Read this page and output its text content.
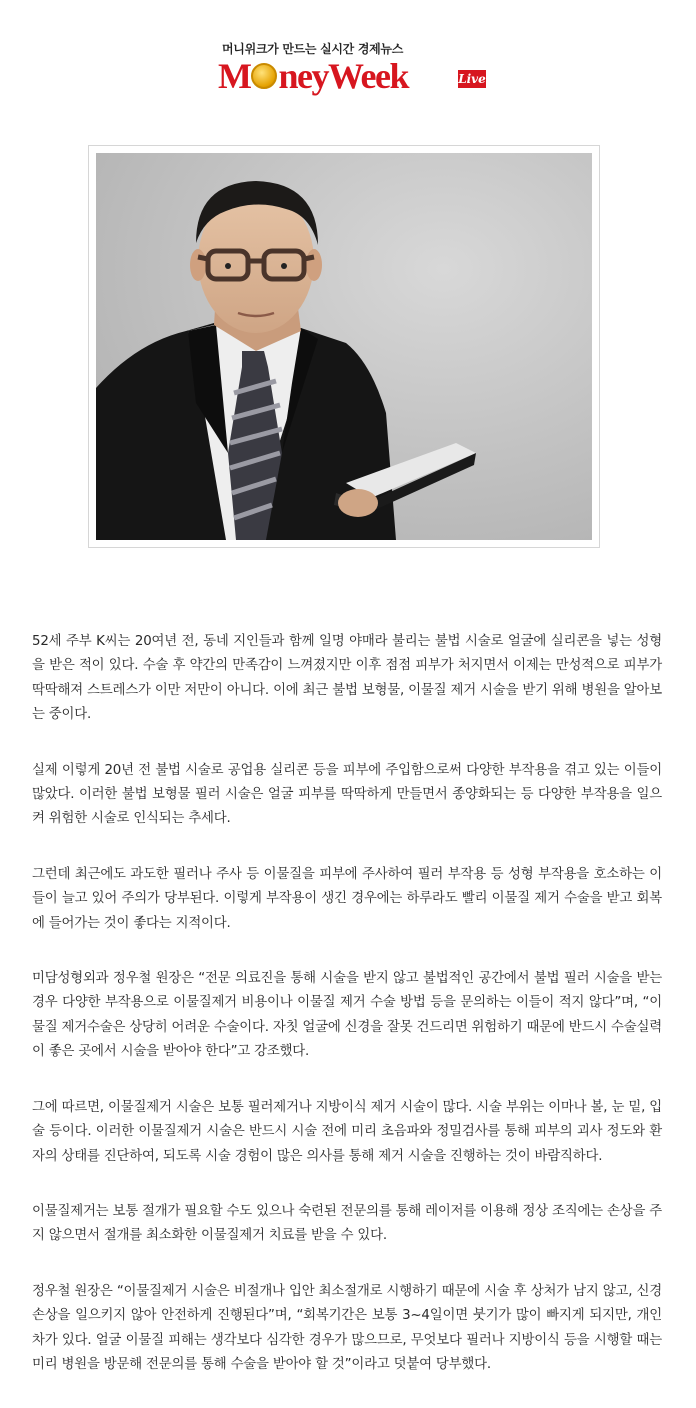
머니위크가 만드는 실시간 경제뉴스
M neyWeek	Live

52세 주부 K씨는 20여년 전, 동네 지인들과 함께 일명 야매라 불리는 불법 시술로 얼굴에 실리콘을 넣는 성형을 받은 적이 있다. 수술 후 약간의 만족감이 느껴졌지만 이후 점점 피부가 처지면서 이제는 만성적으로 피부가 딱딱해져 스트레스가 이만 저만이 아니다. 이에 최근 불법 보형물, 이물질 제거 시술을 받기 위해 병원을 알아보는 중이다.

실제 이렇게 20년 전 불법 시술로 공업용 실리콘 등을 피부에 주입함으로써 다양한 부작용을 겪고 있는 이들이 많았다. 이러한 불법 보형물 필러 시술은 얼굴 피부를 딱딱하게 만들면서 종양화되는 등 다양한 부작용을 일으켜 위험한 시술로 인식되는 추세다.

그런데 최근에도 과도한 필러나 주사 등 이물질을 피부에 주사하여 필러 부작용 등 성형 부작용을 호소하는 이들이 늘고 있어 주의가 당부된다. 이렇게 부작용이 생긴 경우에는 하루라도 빨리 이물질 제거 수술을 받고 회복에 들어가는 것이 좋다는 지적이다.

미담성형외과 정우철 원장은 “전문 의료진을 통해 시술을 받지 않고 불법적인 공간에서 불법 필러 시술을 받는 경우 다양한 부작용으로 이물질제거 비용이나 이물질 제거 수술 방법 등을 문의하는 이들이 적지 않다”며, “이물질 제거수술은 상당히 어려운 수술이다. 자칫 얼굴에 신경을 잘못 건드리면 위험하기 때문에 반드시 수술실력이 좋은 곳에서 시술을 받아야 한다”고 강조했다.

그에 따르면, 이물질제거 시술은 보통 필러제거나 지방이식 제거 시술이 많다. 시술 부위는 이마나 볼, 눈 밑, 입술 등이다. 이러한 이물질제거 시술은 반드시 시술 전에 미리 초음파와 정밀검사를 통해 피부의 괴사 정도와 환자의 상태를 진단하여, 되도록 시술 경험이 많은 의사를 통해 제거 시술을 진행하는 것이 바람직하다.

이물질제거는 보통 절개가 필요할 수도 있으나 숙련된 전문의를 통해 레이저를 이용해 정상 조직에는 손상을 주지 않으면서 절개를 최소화한 이물질제거 치료를 받을 수 있다.

정우철 원장은 “이물질제거 시술은 비절개나 입안 최소절개로 시행하기 때문에 시술 후 상처가 남지 않고, 신경손상을 일으키지 않아 안전하게 진행된다”며, “회복기간은 보통 3~4일이면 붓기가 많이 빠지게 되지만, 개인차가 있다. 얼굴 이물질 피해는 생각보다 심각한 경우가 많으므로, 무엇보다 필러나 지방이식 등을 시행할 때는 미리 병원을 방문해 전문의를 통해 수술을 받아야 할 것”이라고 덧붙여 당부했다.
